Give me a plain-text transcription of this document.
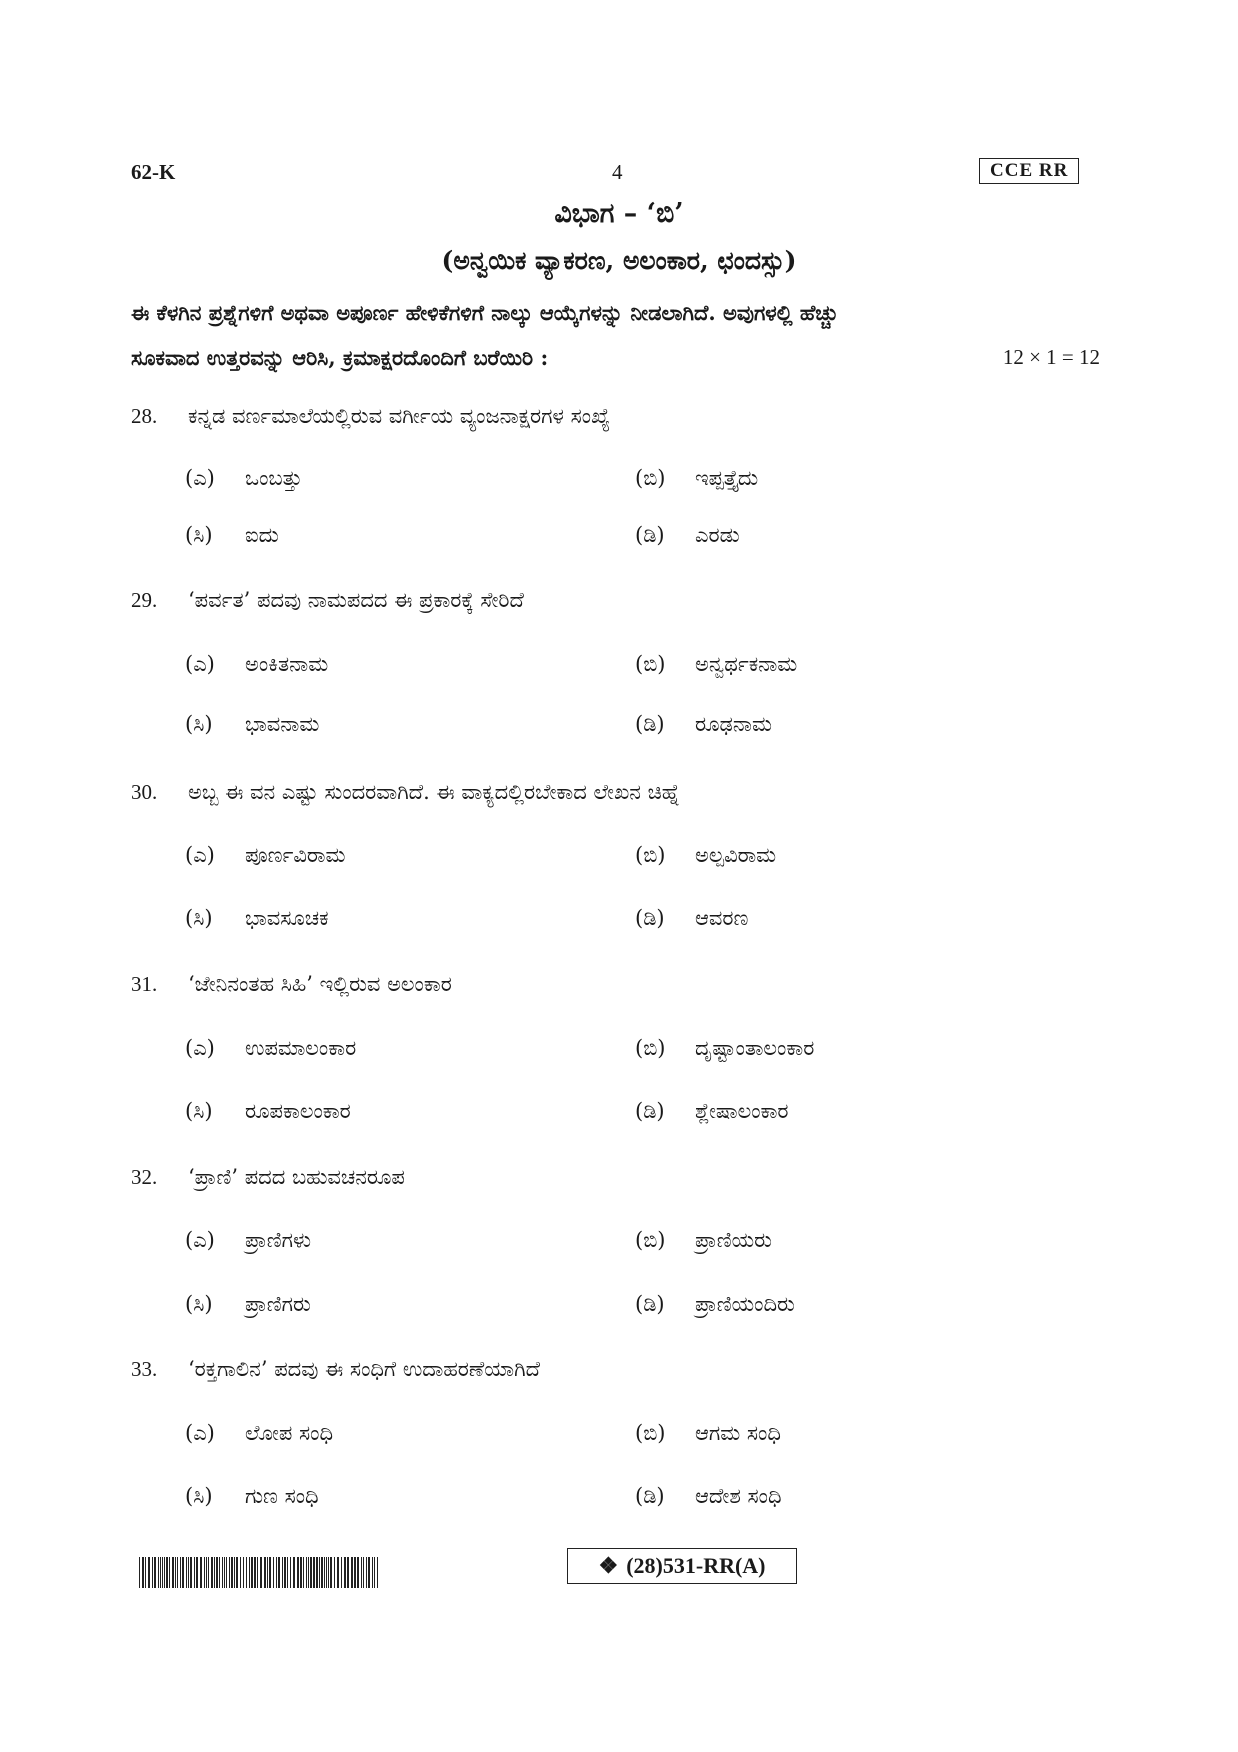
62-K	4	CCE RR
ವಿಭಾಗ – ‘ಬಿ’
(ಅನ್ವಯಿಕ ವ್ಯಾಕರಣ, ಅಲಂಕಾರ, ಛಂದಸ್ಸು)
ಈ ಕೆಳಗಿನ ಪ್ರಶ್ನೆಗಳಿಗೆ ಅಥವಾ ಅಪೂರ್ಣ ಹೇಳಿಕೆಗಳಿಗೆ ನಾಲ್ಕು ಆಯ್ಕೆಗಳನ್ನು ನೀಡಲಾಗಿದೆ. ಅವುಗಳಲ್ಲಿ ಹೆಚ್ಚು
ಸೂಕವಾದ ಉತ್ತರವನ್ನು ಆರಿಸಿ, ಕ್ರಮಾಕ್ಷರದೊಂದಿಗೆ ಬರೆಯಿರಿ :	12 × 1 = 12
28. ಕನ್ನಡ ವರ್ಣಮಾಲೆಯಲ್ಲಿರುವ ವರ್ಗೀಯ ವ್ಯಂಜನಾಕ್ಷರಗಳ ಸಂಖ್ಯೆ
(ಎ) ಒಂಬತ್ತು	(ಬಿ) ಇಪ್ಪತ್ತೈದು
(ಸಿ) ಐದು	(ಡಿ) ಎರಡು
29. ‘ಪರ್ವತ’ ಪದವು ನಾಮಪದದ ಈ ಪ್ರಕಾರಕ್ಕೆ ಸೇರಿದೆ
(ಎ) ಅಂಕಿತನಾಮ	(ಬಿ) ಅನ್ವರ್ಥಕನಾಮ
(ಸಿ) ಭಾವನಾಮ	(ಡಿ) ರೂಢನಾಮ
30. ಅಬ್ಬ ಈ ವನ ಎಷ್ಟು ಸುಂದರವಾಗಿದೆ. ಈ ವಾಕ್ಯದಲ್ಲಿರಬೇಕಾದ ಲೇಖನ ಚಿಹ್ನೆ
(ಎ) ಪೂರ್ಣವಿರಾಮ	(ಬಿ) ಅಲ್ಪವಿರಾಮ
(ಸಿ) ಭಾವಸೂಚಕ	(ಡಿ) ಆವರಣ
31. ‘ಜೇನಿನಂತಹ ಸಿಹಿ’ ಇಲ್ಲಿರುವ ಅಲಂಕಾರ
(ಎ) ಉಪಮಾಲಂಕಾರ	(ಬಿ) ದೃಷ್ಟಾಂತಾಲಂಕಾರ
(ಸಿ) ರೂಪಕಾಲಂಕಾರ	(ಡಿ) ಶ್ಲೇಷಾಲಂಕಾರ
32. ‘ಪ್ರಾಣಿ’ ಪದದ ಬಹುವಚನರೂಪ
(ಎ) ಪ್ರಾಣಿಗಳು	(ಬಿ) ಪ್ರಾಣಿಯರು
(ಸಿ) ಪ್ರಾಣಿಗರು	(ಡಿ) ಪ್ರಾಣಿಯಂದಿರು
33. ‘ರಕ್ತಗಾಲಿನ’ ಪದವು ಈ ಸಂಧಿಗೆ ಉದಾಹರಣೆಯಾಗಿದೆ
(ಎ) ಲೋಪ ಸಂಧಿ	(ಬಿ) ಆಗಮ ಸಂಧಿ
(ಸಿ) ಗುಣ ಸಂಧಿ	(ಡಿ) ಆದೇಶ ಸಂಧಿ
❖ (28)531-RR(A)
